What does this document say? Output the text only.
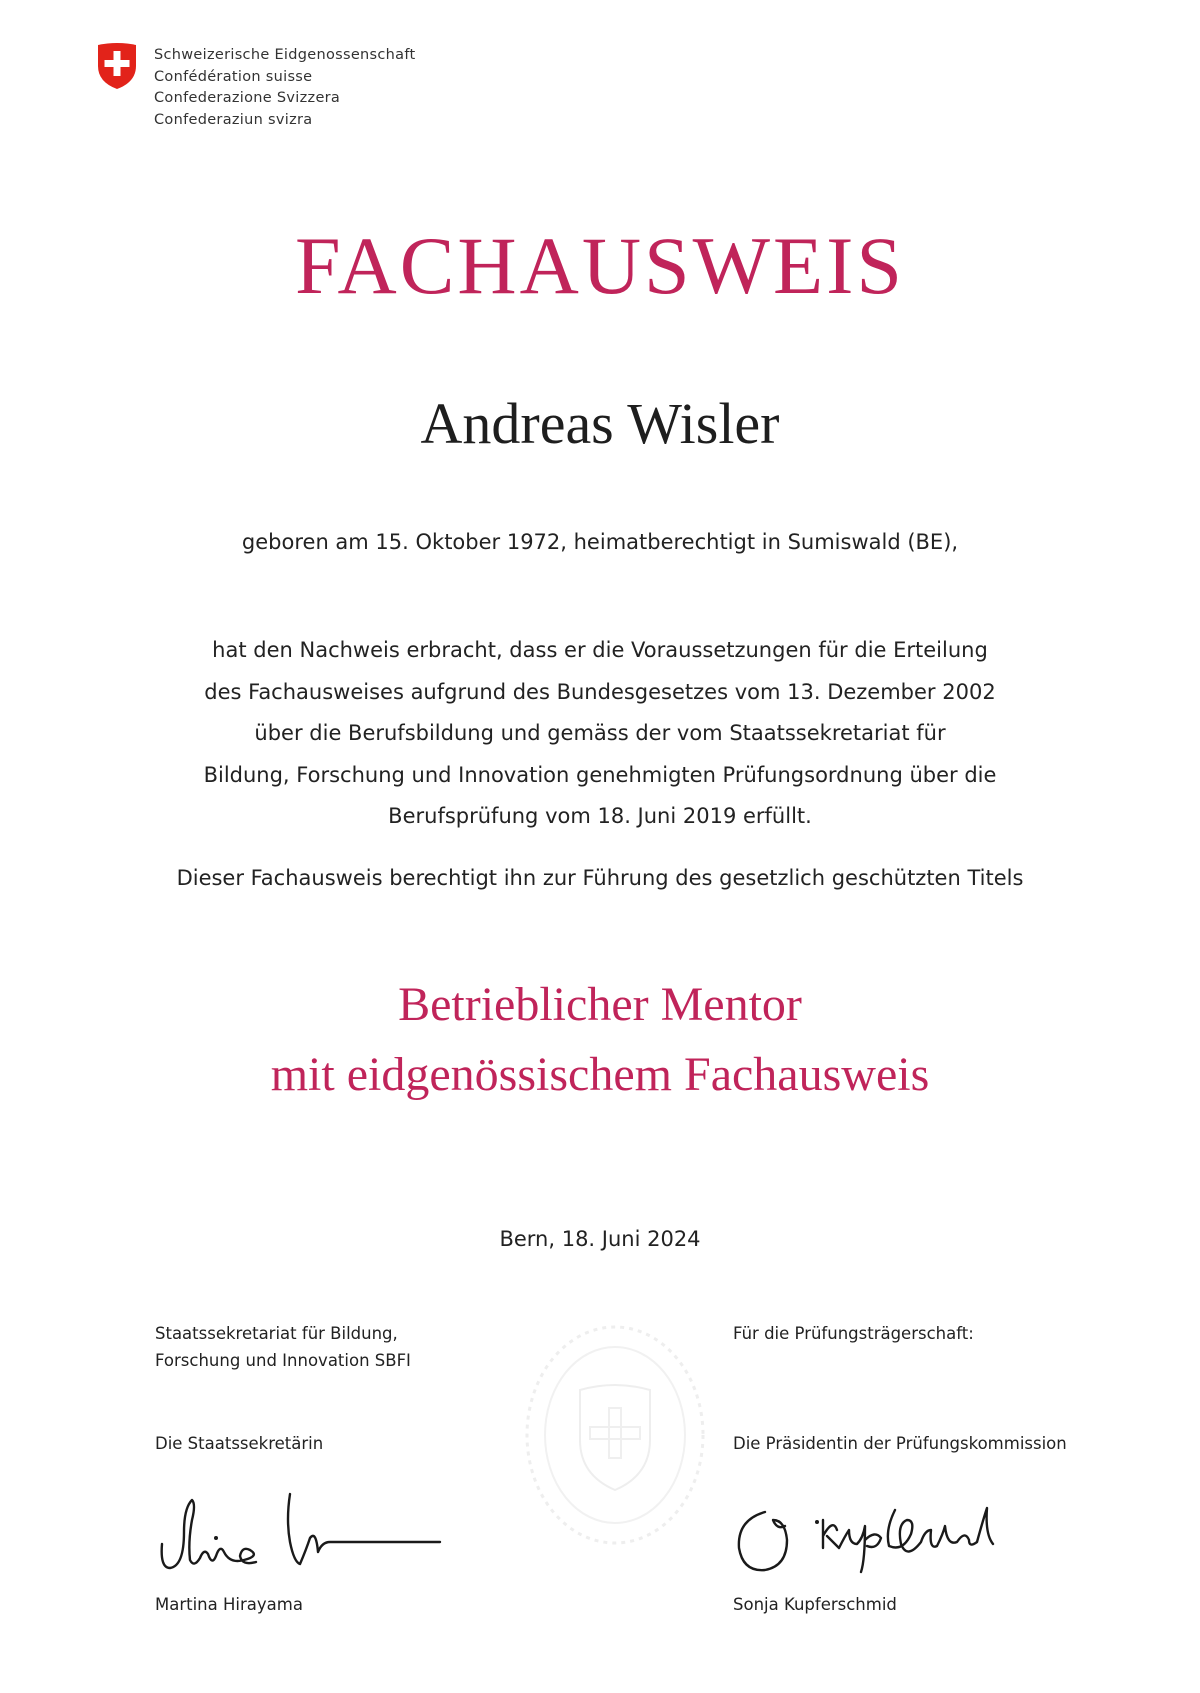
Schweizerische Eidgenossenschaft
Confédération suisse
Confederazione Svizzera
Confederaziun svizra
FACHAUSWEIS
Andreas Wisler
geboren am 15. Oktober 1972, heimatberechtigt in Sumiswald (BE),
hat den Nachweis erbracht, dass er die Voraussetzungen für die Erteilung
des Fachausweises aufgrund des Bundesgesetzes vom 13. Dezember 2002
über die Berufsbildung und gemäss der vom Staatssekretariat für
Bildung, Forschung und Innovation genehmigten Prüfungsordnung über die
Berufsprüfung vom 18. Juni 2019 erfüllt.
Dieser Fachausweis berechtigt ihn zur Führung des gesetzlich geschützten Titels
Betrieblicher Mentor
mit eidgenössischem Fachausweis
Bern, 18. Juni 2024
Staatssekretariat für Bildung,
Forschung und Innovation SBFI
Die Staatssekretärin
Martina Hirayama
Für die Prüfungsträgerschaft:
Die Präsidentin der Prüfungskommission
Sonja Kupferschmid
